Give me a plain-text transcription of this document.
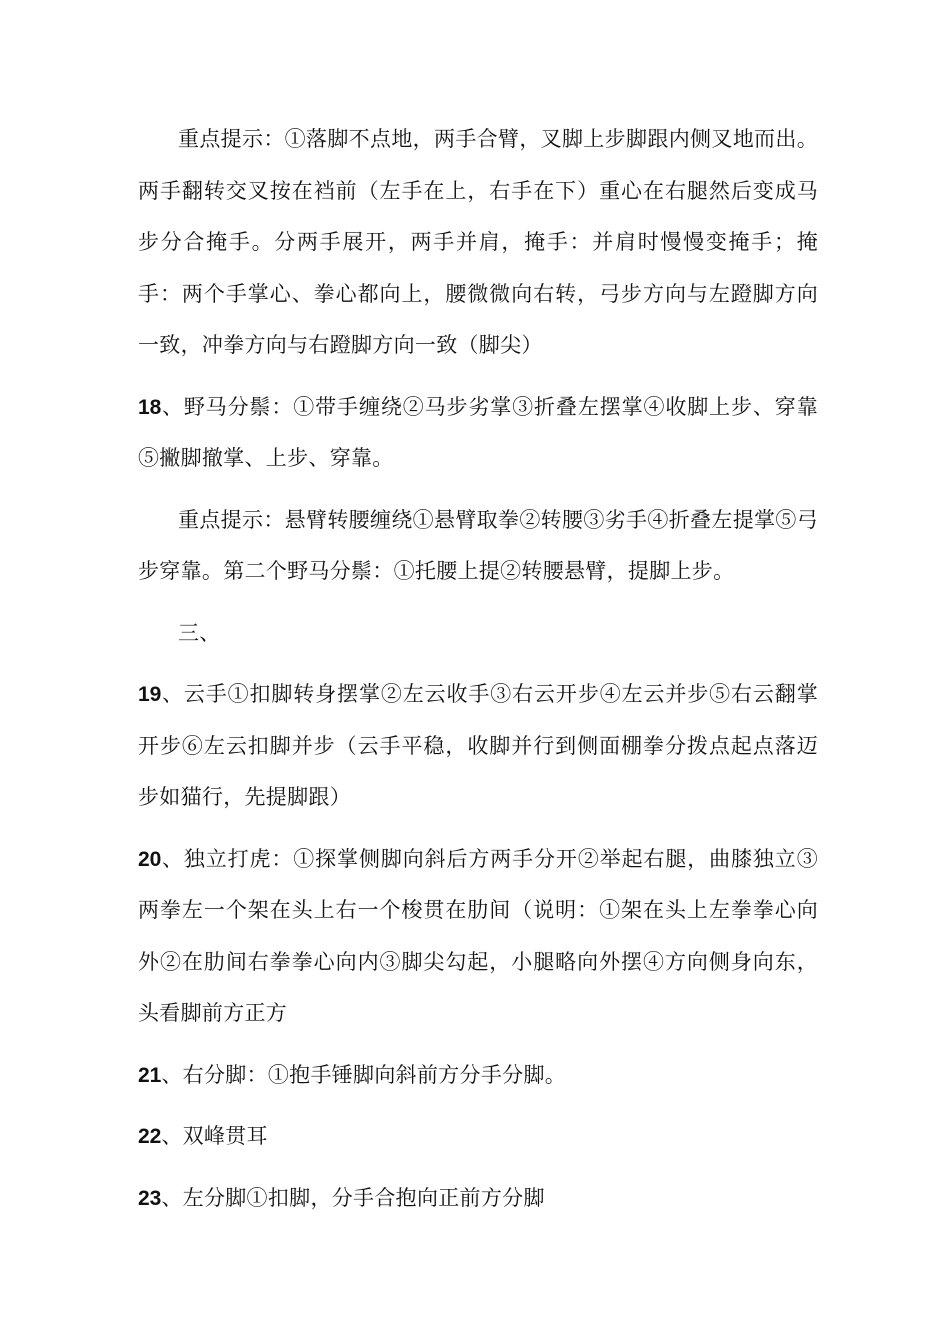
重点提示：①落脚不点地，两手合臂，叉脚上步脚跟内侧叉地而出。两手翻转交叉按在裆前（左手在上，右手在下）重心在右腿然后变成马步分合掩手。分两手展开，两手并肩，掩手：并肩时慢慢变掩手；掩手：两个手掌心、拳心都向上，腰微微向右转，弓步方向与左蹬脚方向一致，冲拳方向与右蹬脚方向一致（脚尖）

18、野马分鬃：①带手缠绕②马步劣掌③折叠左摆掌④收脚上步、穿靠⑤撇脚撤掌、上步、穿靠。

重点提示：悬臂转腰缠绕①悬臂取拳②转腰③劣手④折叠左提掌⑤弓步穿靠。第二个野马分鬃：①托腰上提②转腰悬臂，提脚上步。

三、

19、云手①扣脚转身摆掌②左云收手③右云开步④左云并步⑤右云翻掌开步⑥左云扣脚并步（云手平稳，收脚并行到侧面棚拳分拨点起点落迈步如猫行，先提脚跟）

20、独立打虎：①探掌侧脚向斜后方两手分开②举起右腿，曲膝独立③两拳左一个架在头上右一个梭贯在肋间（说明：①架在头上左拳拳心向外②在肋间右拳拳心向内③脚尖勾起，小腿略向外摆④方向侧身向东，头看脚前方正方

21、右分脚：①抱手锤脚向斜前方分手分脚。

22、双峰贯耳

23、左分脚①扣脚，分手合抱向正前方分脚
